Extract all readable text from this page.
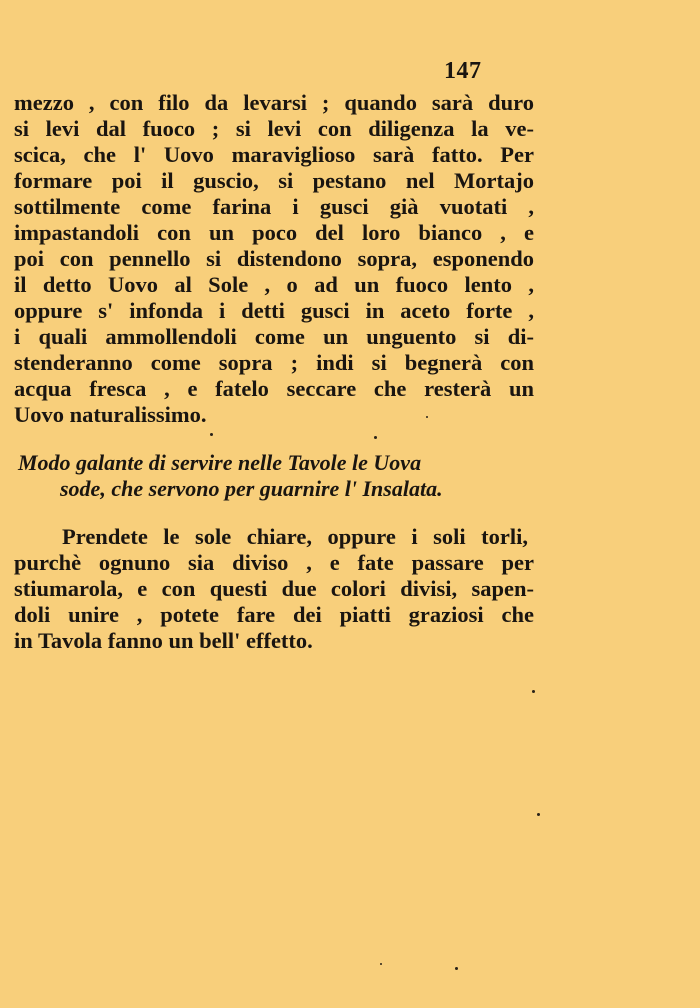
147
mezzo , con filo da levarsi ; quando sarà duro
si levi dal fuoco ; si levi con diligenza la ve-
scica, che l' Uovo maraviglioso sarà fatto. Per
formare poi il guscio, si pestano nel Mortajo
sottilmente come farina i gusci già vuotati ,
impastandoli con un poco del loro bianco , e
poi con pennello si distendono sopra, esponendo
il detto Uovo al Sole , o ad un fuoco lento ,
oppure s' infonda i detti gusci in aceto forte ,
i quali ammollendoli come un unguento si di-
stenderanno come sopra ; indi si begnerà con
acqua fresca , e fatelo seccare che resterà un
Uovo naturalissimo.
Modo galante di servire nelle Tavole le Uova
sode, che servono per guarnire l' Insalata.
Prendete le sole chiare, oppure i soli torli,
purchè ognuno sia diviso , e fate passare per
stiumarola, e con questi due colori divisi, sapen-
doli unire , potete fare dei piatti graziosi che
in Tavola fanno un bell' effetto.
